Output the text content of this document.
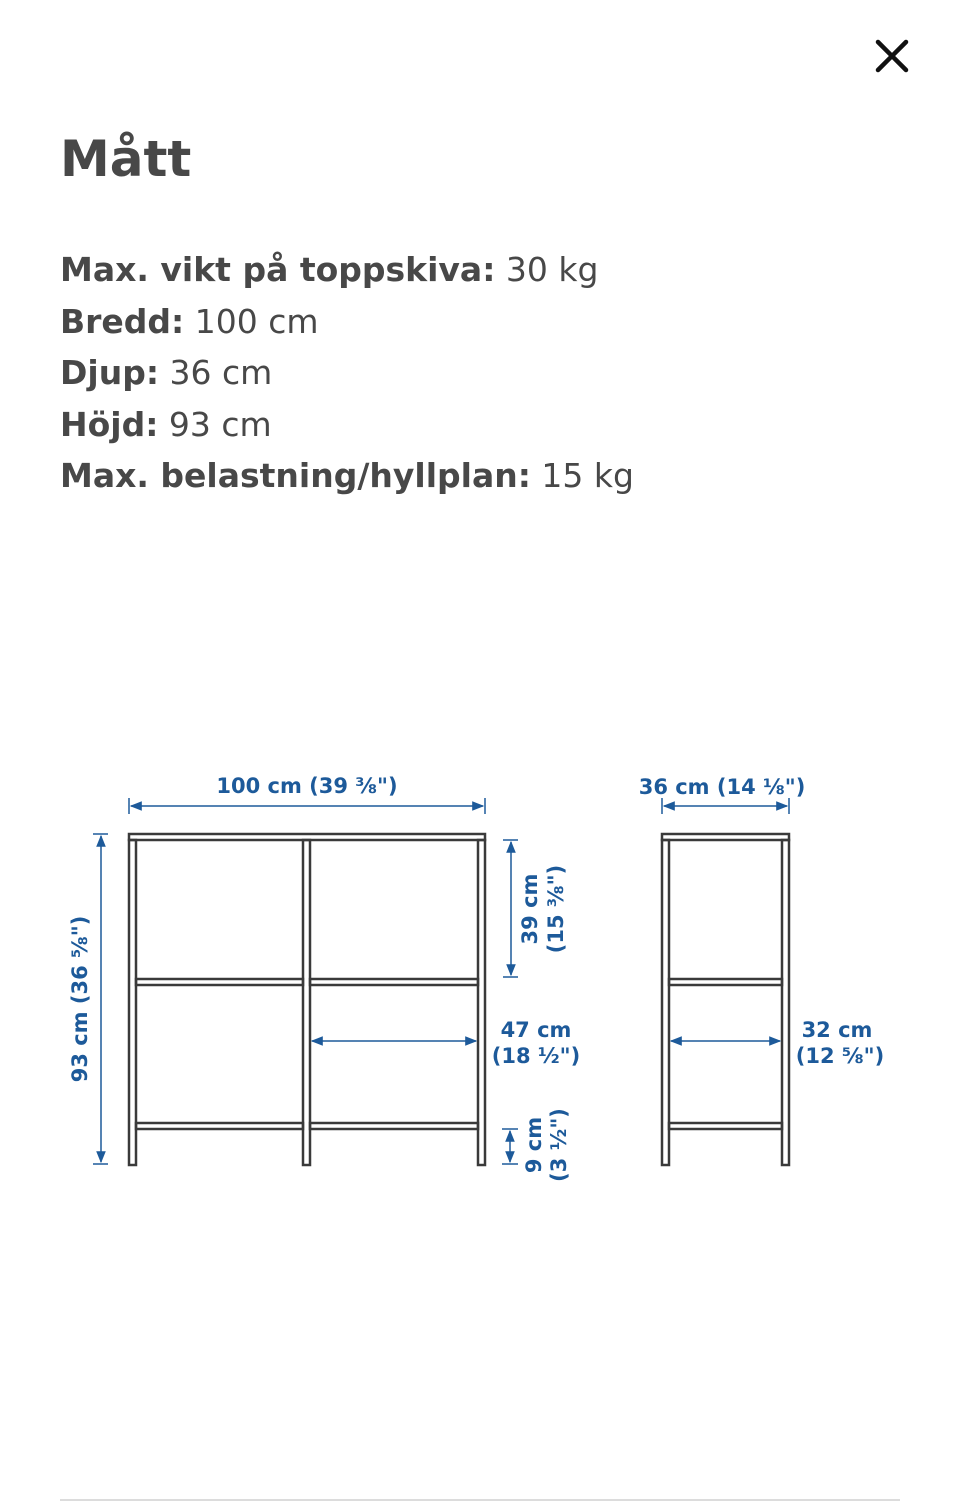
Mått
Max. vikt på toppskiva: 30 kg
Bredd: 100 cm
Djup: 36 cm
Höjd: 93 cm
Max. belastning/hyllplan: 15 kg
100 cm (39 ⅜")
93 cm (36 ⅝")
39 cm (15 ⅜")
47 cm
(18 ½")
9 cm (3 ½")
36 cm (14 ⅛")
32 cm
(12 ⅝")
